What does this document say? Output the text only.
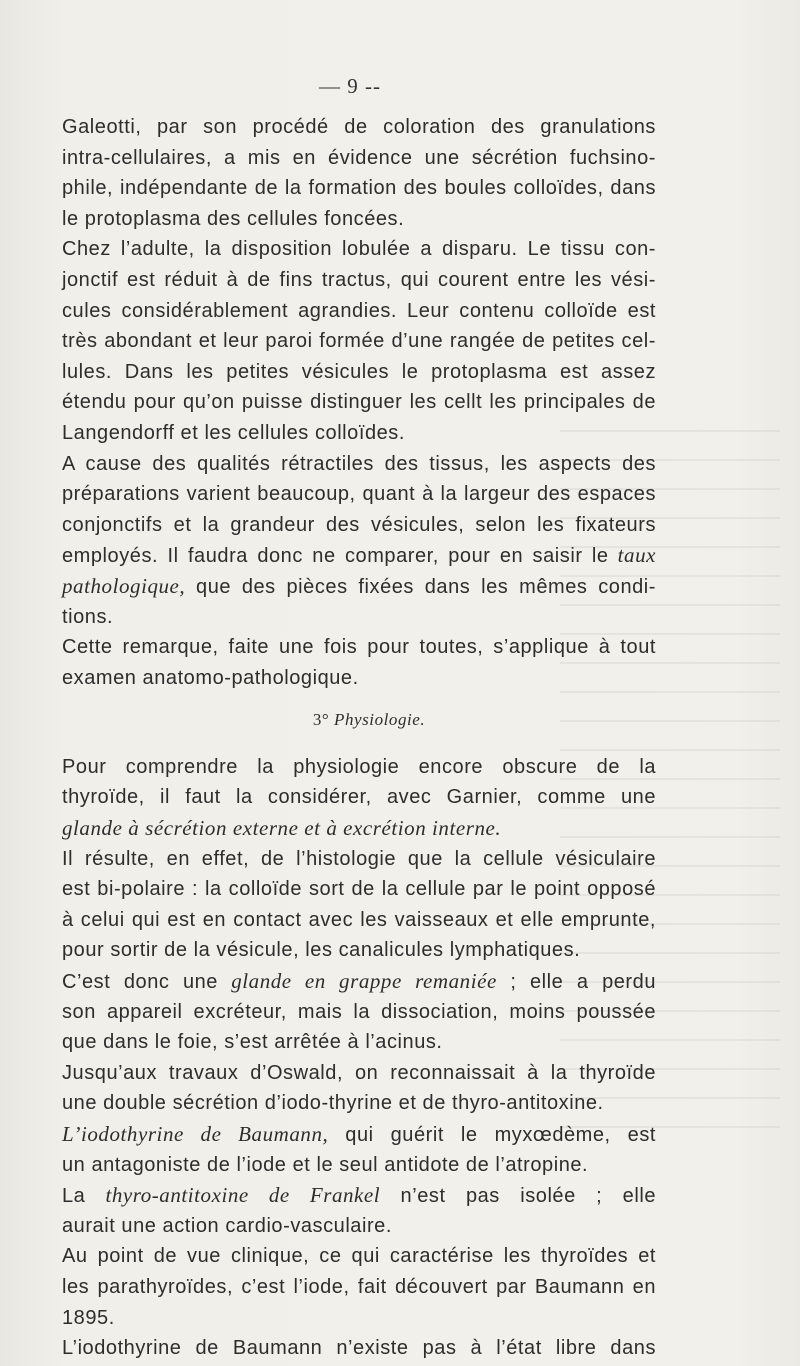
— 9 --
Galeotti, par son procédé de coloration des granulations
intra-cellulaires, a mis en évidence une sécrétion fuchsino-
phile, indépendante de la formation des boules colloïdes, dans
le protoplasma des cellules foncées.
Chez l’adulte, la disposition lobulée a disparu. Le tissu con-
jonctif est réduit à de fins tractus, qui courent entre les vési-
cules considérablement agrandies. Leur contenu colloïde est
très abondant et leur paroi formée d’une rangée de petites cel-
lules. Dans les petites vésicules le protoplasma est assez
étendu pour qu’on puisse distinguer les cellt les principales de
Langendorff et les cellules colloïdes.
A cause des qualités rétractiles des tissus, les aspects des
préparations varient beaucoup, quant à la largeur des espaces
conjonctifs et la grandeur des vésicules, selon les fixateurs
employés. Il faudra donc ne comparer, pour en saisir le taux
pathologique, que des pièces fixées dans les mêmes condi-
tions.
Cette remarque, faite une fois pour toutes, s’applique à tout
examen anatomo-pathologique.
3° Physiologie.
Pour comprendre la physiologie encore obscure de la
thyroïde, il faut la considérer, avec Garnier, comme une
glande à sécrétion externe et à excrétion interne.
Il résulte, en effet, de l’histologie que la cellule vésiculaire
est bi-polaire : la colloïde sort de la cellule par le point opposé
à celui qui est en contact avec les vaisseaux et elle emprunte,
pour sortir de la vésicule, les canalicules lymphatiques.
C’est donc une glande en grappe remaniée ; elle a perdu
son appareil excréteur, mais la dissociation, moins poussée
que dans le foie, s’est arrêtée à l’acinus.
Jusqu’aux travaux d’Oswald, on reconnaissait à la thyroïde
une double sécrétion d’iodo-thyrine et de thyro-antitoxine.
L’iodothyrine de Baumann, qui guérit le myxœdème, est
un antagoniste de l’iode et le seul antidote de l’atropine.
La thyro-antitoxine de Frankel n’est pas isolée ; elle
aurait une action cardio-vasculaire.
Au point de vue clinique, ce qui caractérise les thyroïdes et
les parathyroïdes, c’est l’iode, fait découvert par Baumann en
1895.
L’iodothyrine de Baumann n’existe pas à l’état libre dans
